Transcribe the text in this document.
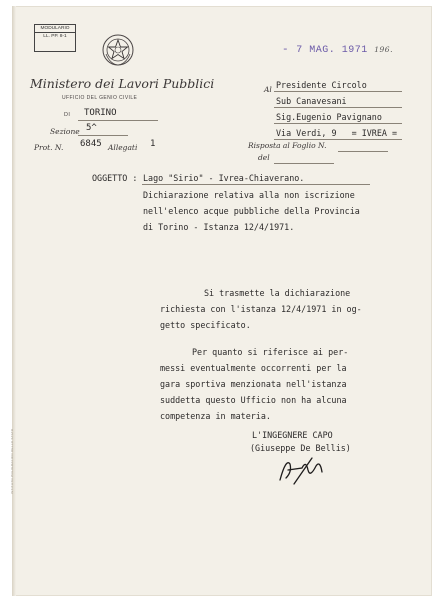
MODULARIO
LL. PP. 8-1
- 7 MAG. 1971 196.
Ministero dei Lavori Pubblici
UFFICIO DEL GENIO CIVILE
DI TORINO
Sezione 5^
Prot. N. 6845 Allegati 1
Al Presidente Circolo
Sub Canavesani
Sig.Eugenio Pavignano
Via Verdi, 9   = IVREA =
Risposta al Foglio N.
del
OGGETTO : Lago "Sirio" - Ivrea-Chiaverano.
Dichiarazione relativa alla non iscrizione
nell'elenco acque pubbliche della Provincia
di Torino - Istanza 12/4/1971.
Si trasmette la dichiarazione
richiesta con l'istanza 12/4/1971 in og-
getto specificato.
Per quanto si riferisce ai per-
messi eventualmente occorrenti per la
gara sportiva menzionata nell'istanza
suddetta questo Ufficio non ha alcuna
competenza in materia.
L'INGEGNERE CAPO
(Giuseppe De Bellis)
ISTITUTO POLIGRAFICO DELLO STATO
